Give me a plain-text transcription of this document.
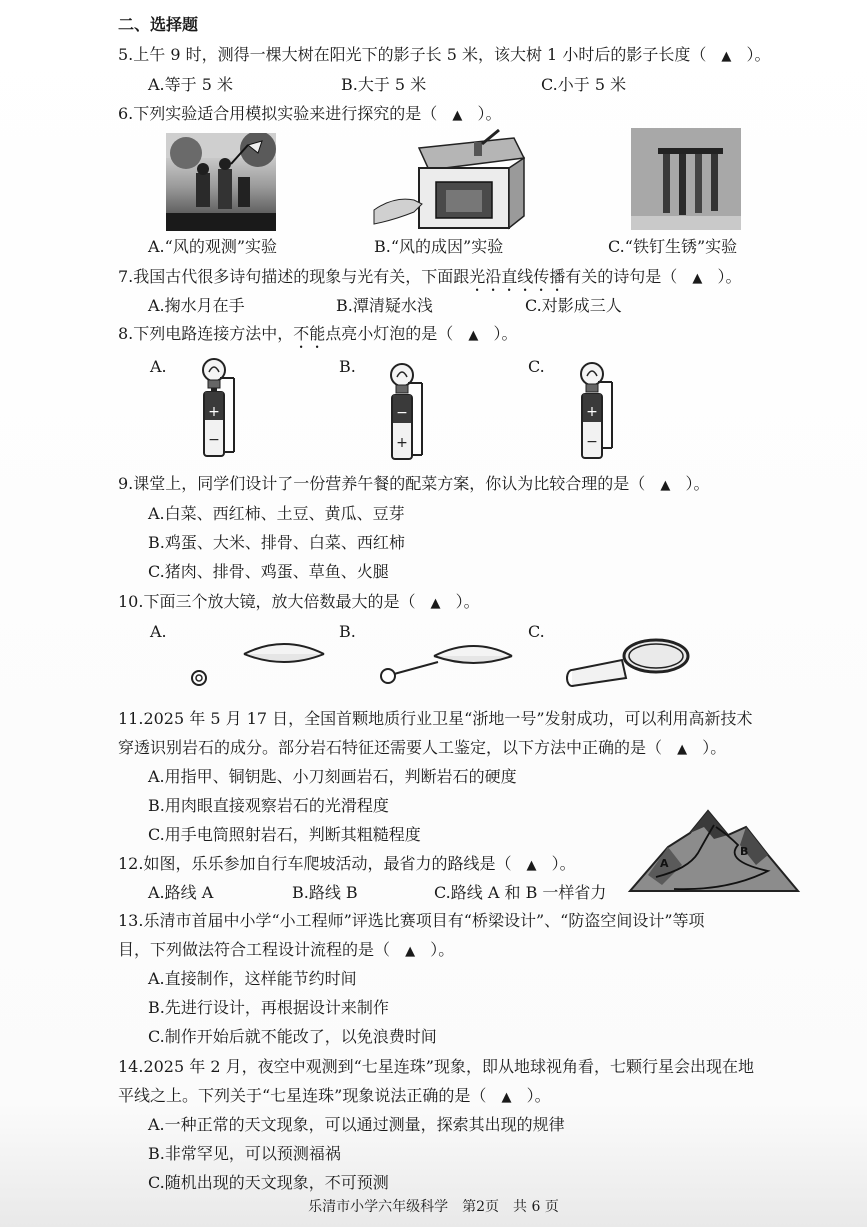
二、选择题
5.上午 9 时，测得一棵大树在阳光下的影子长 5 米，该大树 1 小时后的影子长度（ ▲ ）。
A.等于 5 米	B.大于 5 米	C.小于 5 米
6.下列实验适合用模拟实验来进行探究的是（ ▲ ）。
A.“风的观测”实验	B.“风的成因”实验	C.“铁钉生锈”实验
7.我国古代很多诗句描述的现象与光有关，下面跟光沿直线传播有关的诗句是（ ▲ ）。
A.掬水月在手	B.潭清疑水浅	C.对影成三人
8.下列电路连接方法中，不能点亮小灯泡的是（ ▲ ）。
A.	B.	C.
+
−
−
+
+
−
9.课堂上，同学们设计了一份营养午餐的配菜方案，你认为比较合理的是（ ▲ ）。
A.白菜、西红柿、土豆、黄瓜、豆芽
B.鸡蛋、大米、排骨、白菜、西红柿
C.猪肉、排骨、鸡蛋、草鱼、火腿
10.下面三个放大镜，放大倍数最大的是（ ▲ ）。
A.	B.	C.
11.2025 年 5 月 17 日，全国首颗地质行业卫星“浙地一号”发射成功，可以利用高新技术
穿透识别岩石的成分。部分岩石特征还需要人工鉴定，以下方法中正确的是（ ▲ ）。
A.用指甲、铜钥匙、小刀刻画岩石，判断岩石的硬度
B.用肉眼直接观察岩石的光滑程度
C.用手电筒照射岩石，判断其粗糙程度
12.如图，乐乐参加自行车爬坡活动，最省力的路线是（ ▲ ）。
A.路线 A	B.路线 B	C.路线 A 和 B 一样省力
A
B
13.乐清市首届中小学“小工程师”评选比赛项目有“桥梁设计”、“防盗空间设计”等项
目，下列做法符合工程设计流程的是（ ▲ ）。
A.直接制作，这样能节约时间
B.先进行设计，再根据设计来制作
C.制作开始后就不能改了，以免浪费时间
14.2025 年 2 月，夜空中观测到“七星连珠”现象，即从地球视角看，七颗行星会出现在地
平线之上。下列关于“七星连珠”现象说法正确的是（ ▲ ）。
A.一种正常的天文现象，可以通过测量，探索其出现的规律
B.非常罕见，可以预测福祸
C.随机出现的天文现象，不可预测
乐清市小学六年级科学　第2页　共 6 页
